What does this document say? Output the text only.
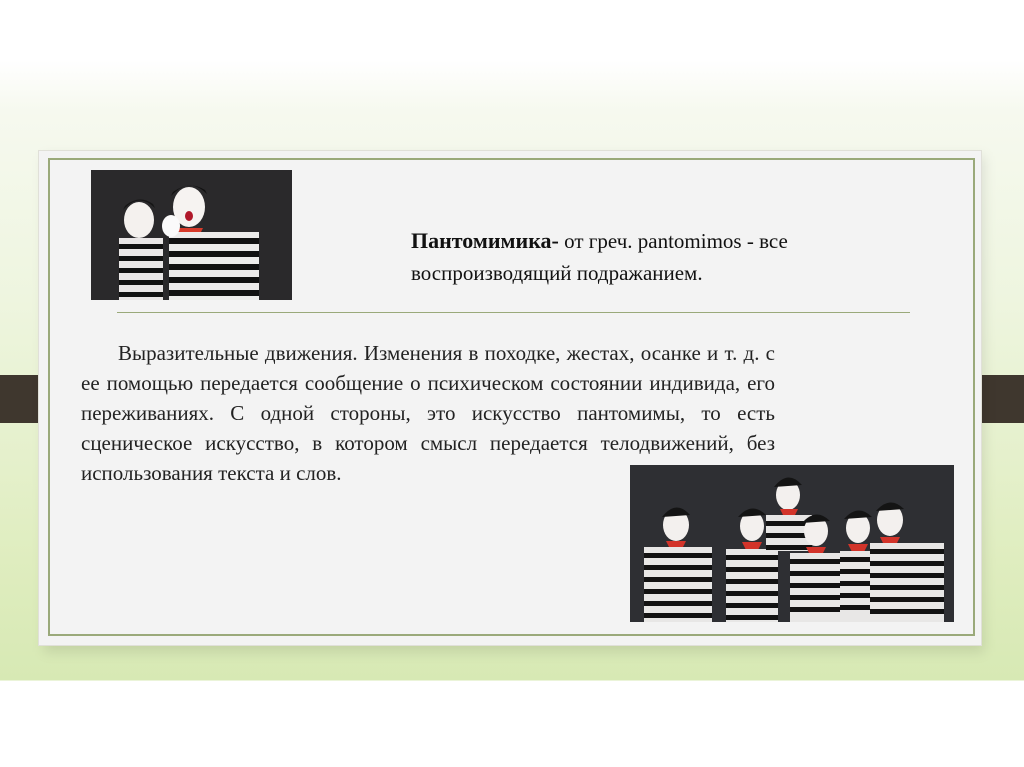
Пантомимика- от греч. pantomimos - все воспроизводящий подражанием.
Выразительные движения. Изменения в походке, жестах, осанке и т. д. с ее помощью передается сообщение о психическом состоянии индивида, его переживаниях. С одной стороны, это искусство пантомимы, то есть сценическое искусство, в котором смысл передается телодвижений, без использования текста и слов.
